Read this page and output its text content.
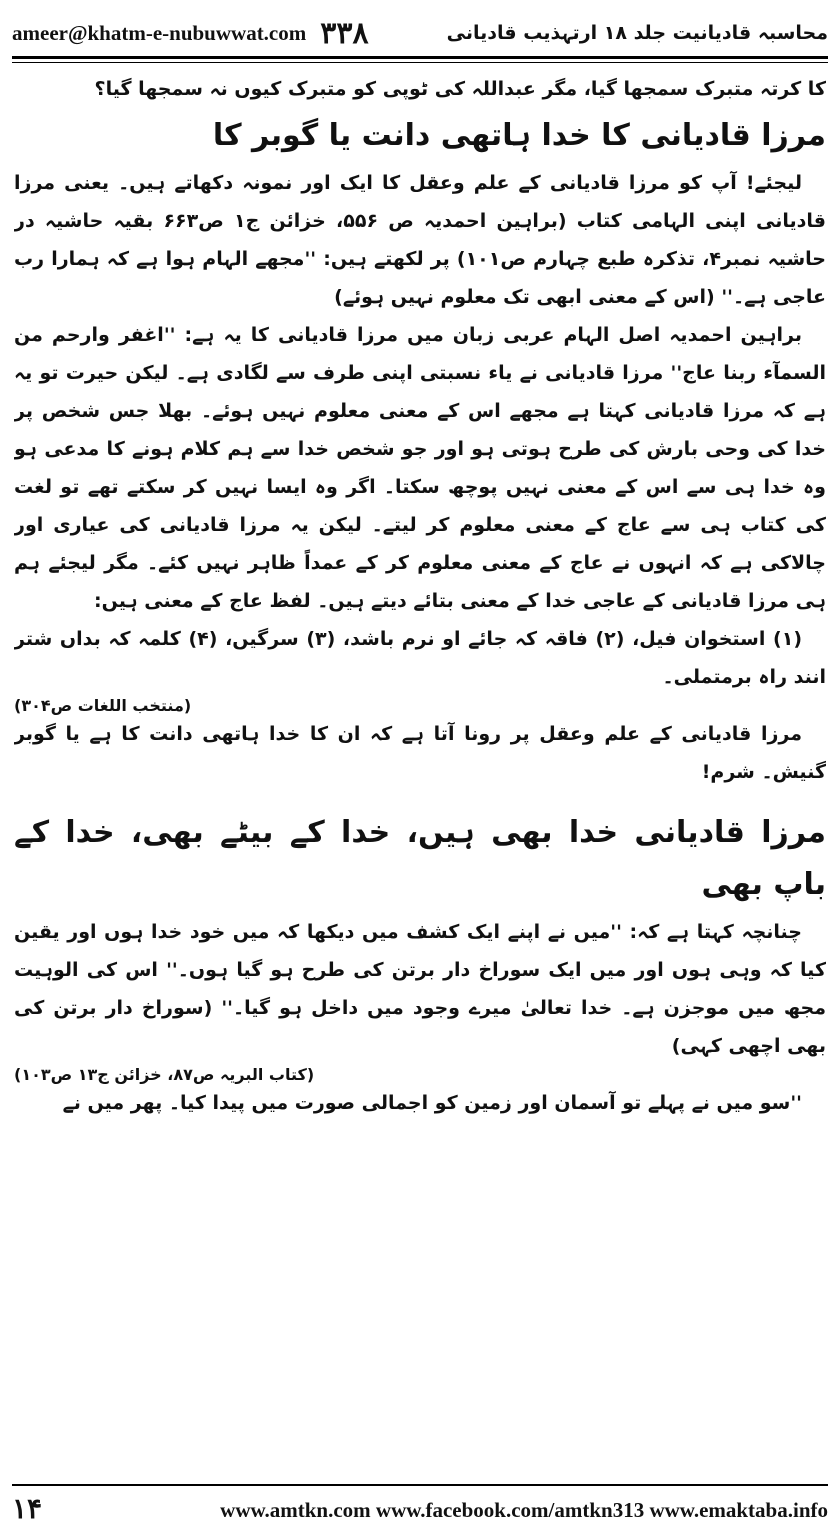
ameer@khatm-e-nubuwwat.com ۳۳۸	محاسبہ قادیانیت جلد ۱۸ ارتہذیب قادیانی

کا کرتہ متبرک سمجھا گیا، مگر عبداللہ کی ٹوپی کو متبرک کیوں نہ سمجھا گیا؟

مرزا قادیانی کا خدا ہاتھی دانت یا گوبر کا

لیجئے! آپ کو مرزا قادیانی کے علم وعقل کا ایک اور نمونہ دکھاتے ہیں۔ یعنی مرزا قادیانی اپنی الہامی کتاب (براہین احمدیہ ص ۵۵۶، خزائن ج۱ ص۶۶۳ بقیہ حاشیہ در حاشیہ نمبر۴، تذکرہ طبع چہارم ص۱۰۱) پر لکھتے ہیں: ''مجھے الہام ہوا ہے کہ ہمارا رب عاجی ہے۔'' (اس کے معنی ابھی تک معلوم نہیں ہوئے)

براہین احمدیہ اصل الہام عربی زبان میں مرزا قادیانی کا یہ ہے: ''اغفر وارحم من السمآء ربنا عاج'' مرزا قادیانی نے یاء نسبتی اپنی طرف سے لگادی ہے۔ لیکن حیرت تو یہ ہے کہ مرزا قادیانی کہتا ہے مجھے اس کے معنی معلوم نہیں ہوئے۔ بھلا جس شخص پر خدا کی وحی بارش کی طرح ہوتی ہو اور جو شخص خدا سے ہم کلام ہونے کا مدعی ہو وہ خدا ہی سے اس کے معنی نہیں پوچھ سکتا۔ اگر وہ ایسا نہیں کر سکتے تھے تو لغت کی کتاب ہی سے عاج کے معنی معلوم کر لیتے۔ لیکن یہ مرزا قادیانی کی عیاری اور چالاکی ہے کہ انہوں نے عاج کے معنی معلوم کر کے عمداً ظاہر نہیں کئے۔ مگر لیجئے ہم ہی مرزا قادیانی کے عاجی خدا کے معنی بتائے دیتے ہیں۔ لفظ عاج کے معنی ہیں:

(۱) استخوان فیل، (۲) فاقہ کہ جائے او نرم باشد، (۳) سرگیں، (۴) کلمہ کہ بداں شتر انند راہ برمتملی۔

(منتخب اللغات ص۳۰۴)

مرزا قادیانی کے علم وعقل پر رونا آتا ہے کہ ان کا خدا ہاتھی دانت کا ہے یا گوبر گنیش۔ شرم!

مرزا قادیانی خدا بھی ہیں، خدا کے بیٹے بھی، خدا کے باپ بھی

چنانچہ کہتا ہے کہ: ''میں نے اپنے ایک کشف میں دیکھا کہ میں خود خدا ہوں اور یقین کیا کہ وہی ہوں اور میں ایک سوراخ دار برتن کی طرح ہو گیا ہوں۔'' اس کی الوہیت مجھ میں موجزن ہے۔ خدا تعالیٰ میرے وجود میں داخل ہو گیا۔'' (سوراخ دار برتن کی بھی اچھی کہی)

(کتاب البریہ ص۸۷، خزائن ج۱۳ ص۱۰۳)

''سو میں نے پہلے تو آسمان اور زمین کو اجمالی صورت میں پیدا کیا۔ پھر میں نے

۱۴	www.amtkn.com www.facebook.com/amtkn313 www.emaktaba.info
